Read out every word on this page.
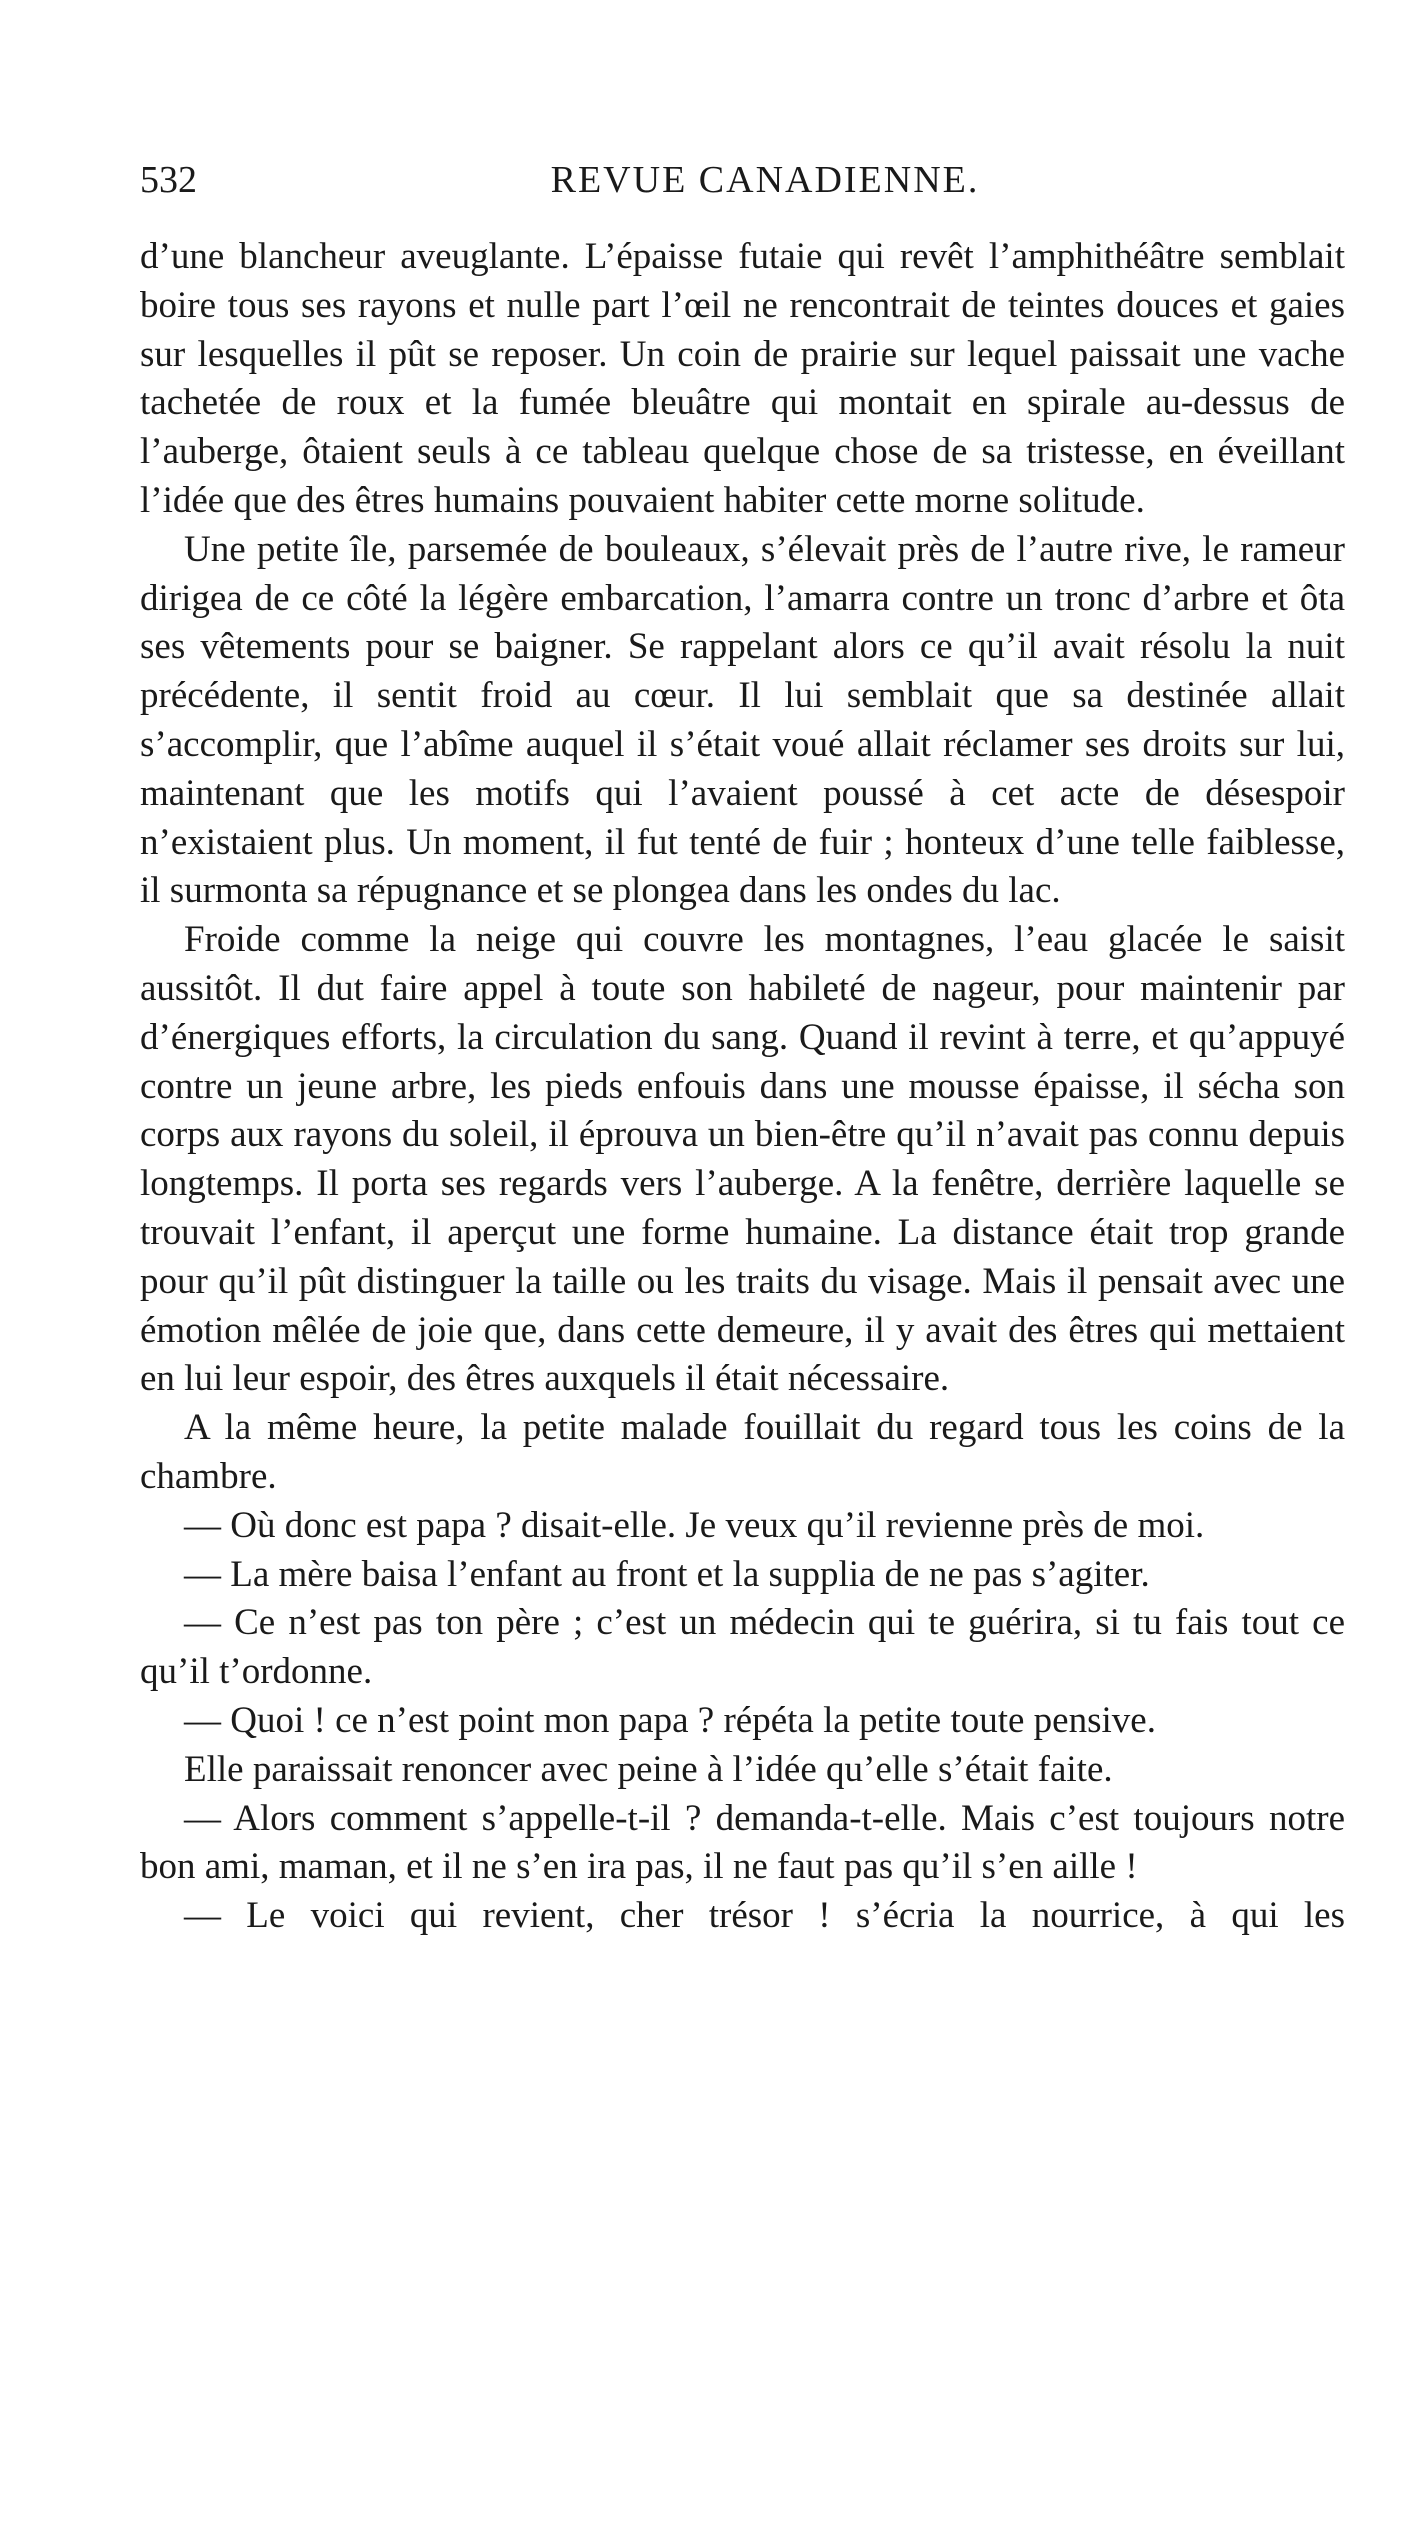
532	REVUE CANADIENNE.

d’une blancheur aveuglante. L’épaisse futaie qui revêt l’amphithéâtre semblait boire tous ses rayons et nulle part l’œil ne rencontrait de teintes douces et gaies sur lesquelles il pût se reposer. Un coin de prairie sur lequel paissait une vache tachetée de roux et la fumée bleuâtre qui montait en spirale au-dessus de l’auberge, ôtaient seuls à ce tableau quelque chose de sa tristesse, en éveillant l’idée que des êtres humains pouvaient habiter cette morne solitude.

Une petite île, parsemée de bouleaux, s’élevait près de l’autre rive, le rameur dirigea de ce côté la légère embarcation, l’amarra contre un tronc d’arbre et ôta ses vêtements pour se baigner. Se rappelant alors ce qu’il avait résolu la nuit précédente, il sentit froid au cœur. Il lui semblait que sa destinée allait s’accomplir, que l’abîme auquel il s’était voué allait réclamer ses droits sur lui, maintenant que les motifs qui l’avaient poussé à cet acte de désespoir n’existaient plus. Un moment, il fut tenté de fuir ; honteux d’une telle faiblesse, il surmonta sa répugnance et se plongea dans les ondes du lac.

Froide comme la neige qui couvre les montagnes, l’eau glacée le saisit aussitôt. Il dut faire appel à toute son habileté de nageur, pour maintenir par d’énergiques efforts, la circulation du sang. Quand il revint à terre, et qu’appuyé contre un jeune arbre, les pieds enfouis dans une mousse épaisse, il sécha son corps aux rayons du soleil, il éprouva un bien-être qu’il n’avait pas connu depuis longtemps. Il porta ses regards vers l’auberge. A la fenêtre, derrière laquelle se trouvait l’enfant, il aperçut une forme humaine. La distance était trop grande pour qu’il pût distinguer la taille ou les traits du visage. Mais il pensait avec une émotion mêlée de joie que, dans cette demeure, il y avait des êtres qui mettaient en lui leur espoir, des êtres auxquels il était nécessaire.

A la même heure, la petite malade fouillait du regard tous les coins de la chambre.

— Où donc est papa ? disait-elle. Je veux qu’il revienne près de moi.

— La mère baisa l’enfant au front et la supplia de ne pas s’agiter.

— Ce n’est pas ton père ; c’est un médecin qui te guérira, si tu fais tout ce qu’il t’ordonne.

— Quoi ! ce n’est point mon papa ? répéta la petite toute pensive.

Elle paraissait renoncer avec peine à l’idée qu’elle s’était faite.

— Alors comment s’appelle-t-il ? demanda-t-elle. Mais c’est toujours notre bon ami, maman, et il ne s’en ira pas, il ne faut pas qu’il s’en aille !

— Le voici qui revient, cher trésor ! s’écria la nourrice, à qui les
